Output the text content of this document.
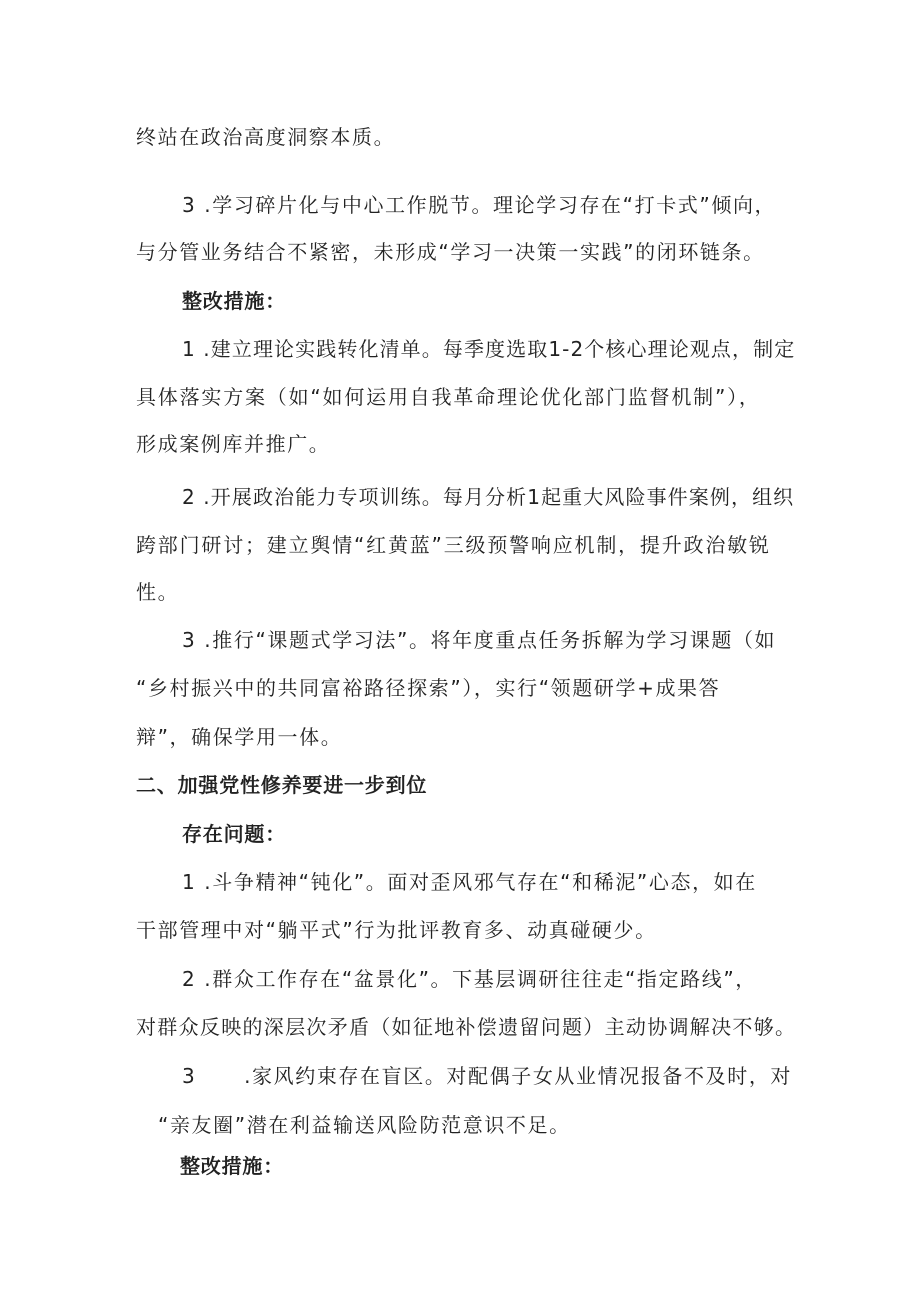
终站在政治高度洞察本质。
3 .学习碎片化与中心工作脱节。理论学习存在“打卡式”倾向，
与分管业务结合不紧密，未形成“学习一决策一实践”的闭环链条。
整改措施：
1 .建立理论实践转化清单。每季度选取1-2个核心理论观点，制定
具体落实方案（如“如何运用自我革命理论优化部门监督机制”），
形成案例库并推广。
2 .开展政治能力专项训练。每月分析1起重大风险事件案例，组织
跨部门研讨；建立舆情“红黄蓝”三级预警响应机制，提升政治敏锐
性。
3 .推行“课题式学习法”。将年度重点任务拆解为学习课题（如
“乡村振兴中的共同富裕路径探索”），实行“领题研学+成果答
辩”，确保学用一体。
二、加强党性修养要进一步到位
存在问题：
1 .斗争精神“钝化”。面对歪风邪气存在“和稀泥”心态，如在
干部管理中对“躺平式”行为批评教育多、动真碰硬少。
2 .群众工作存在“盆景化”。下基层调研往往走“指定路线”，
对群众反映的深层次矛盾（如征地补偿遗留问题）主动协调解决不够。
3      .家风约束存在盲区。对配偶子女从业情况报备不及时，对
“亲友圈”潜在利益输送风险防范意识不足。
整改措施：
